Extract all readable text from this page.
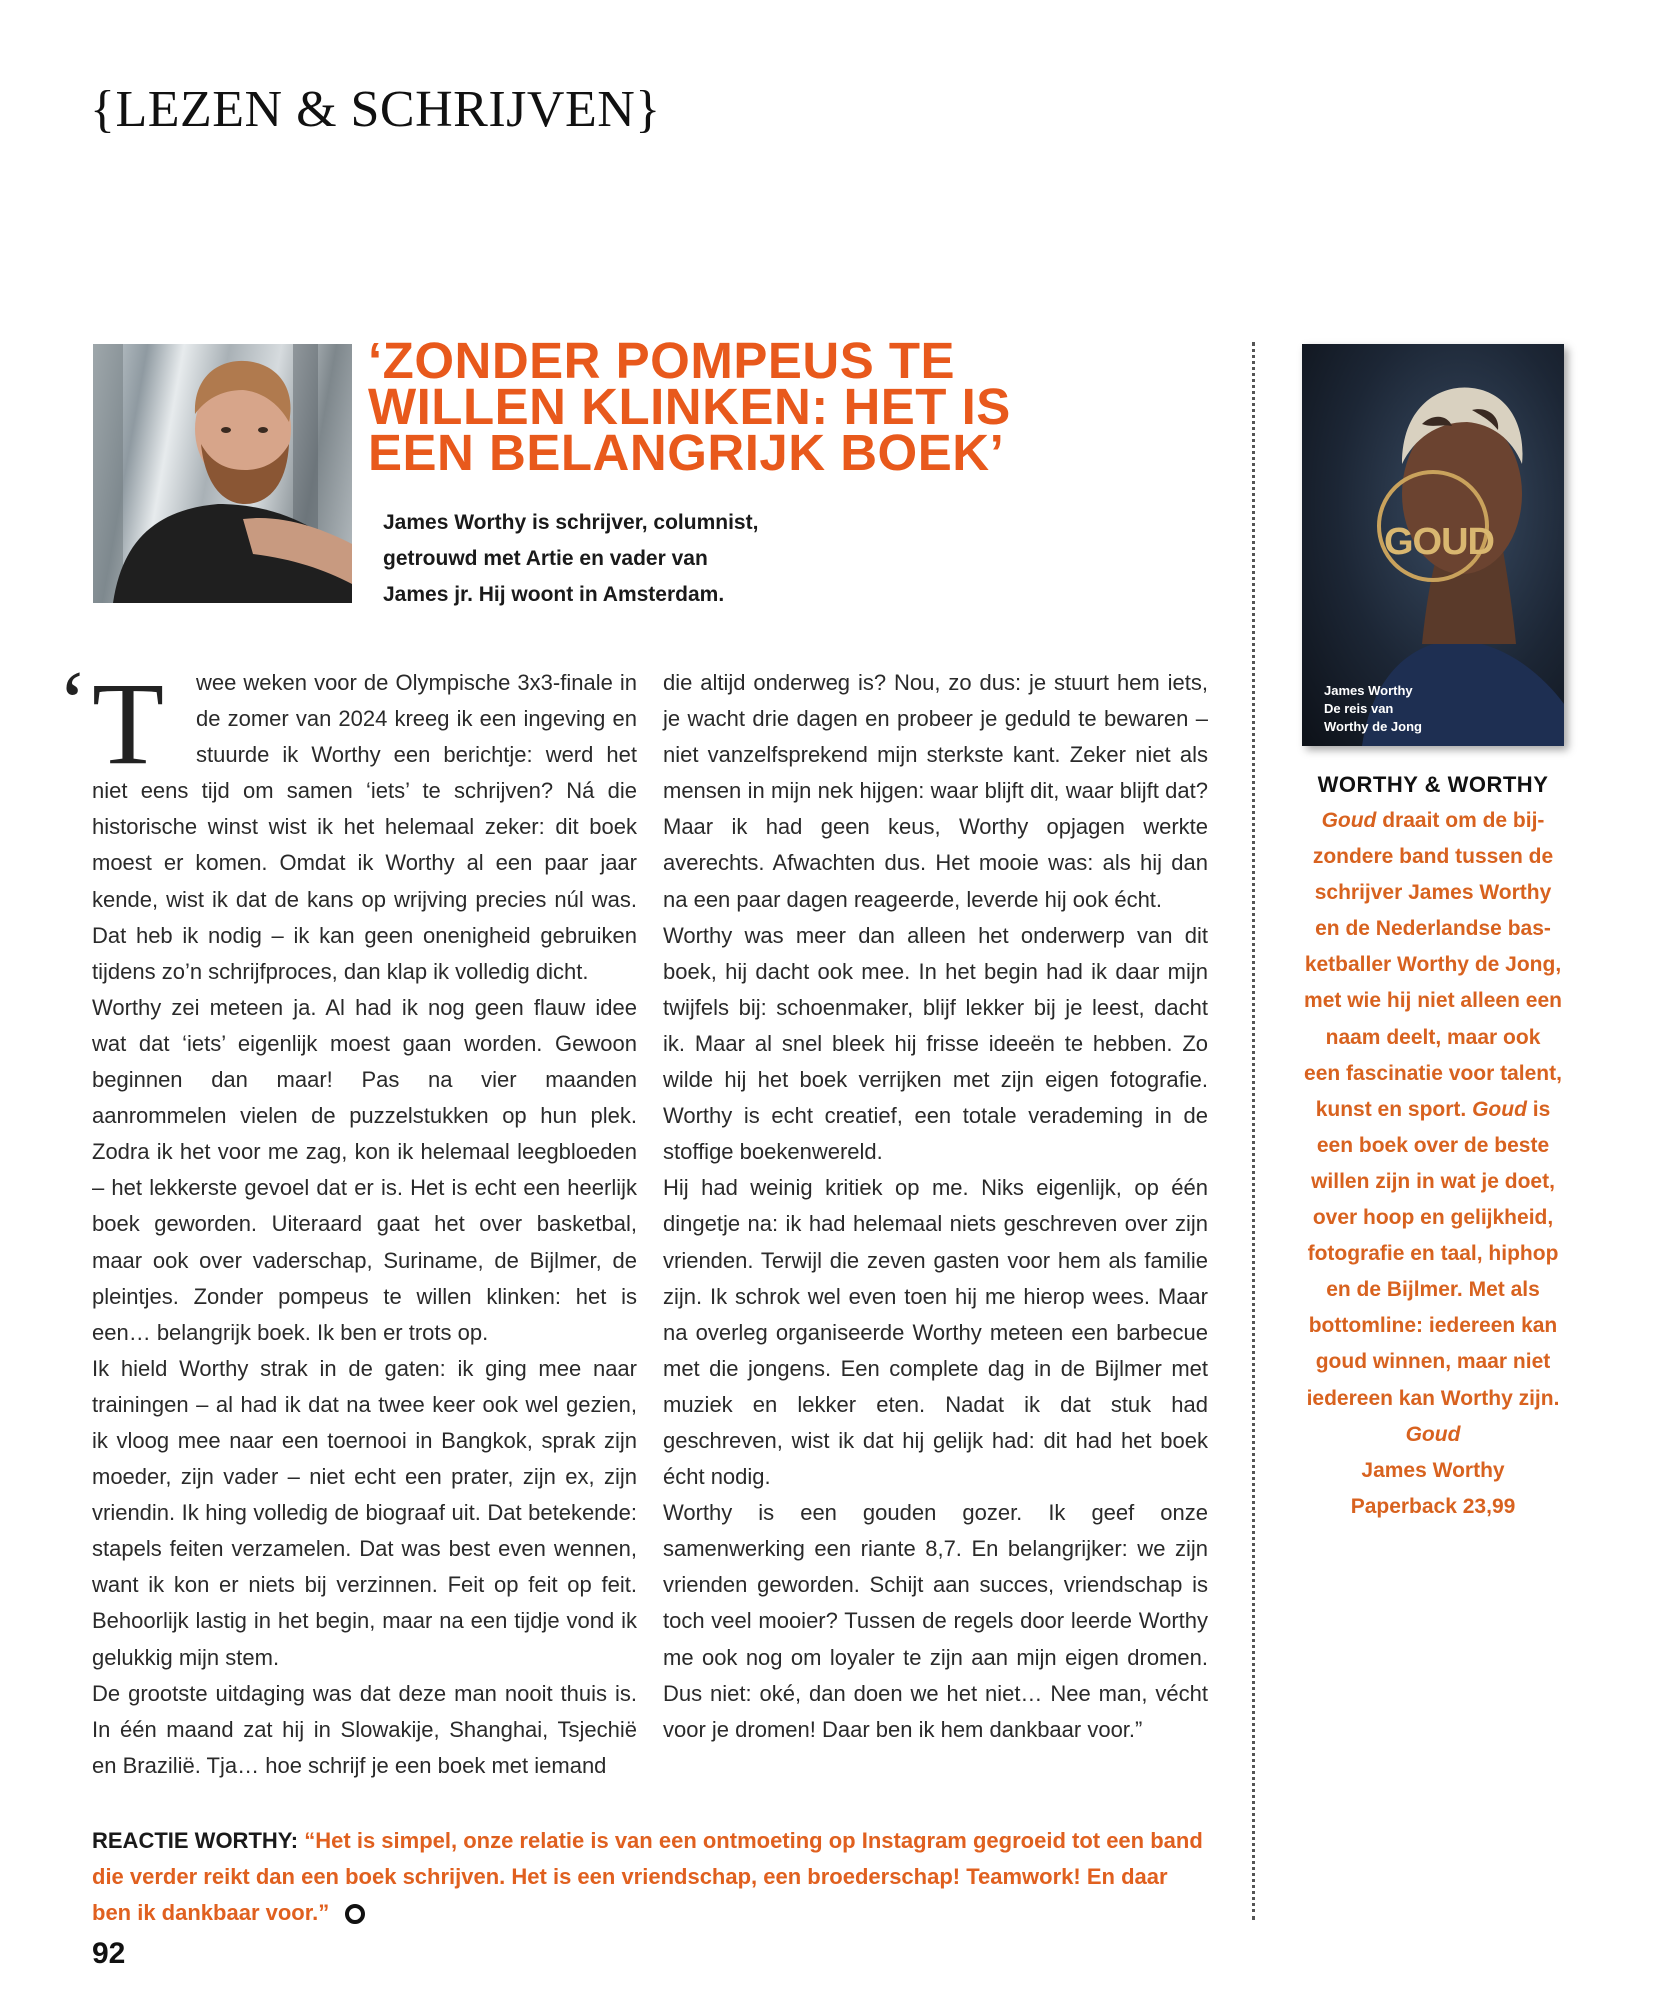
{LEZEN & SCHRIJVEN}
‘ZONDER POMPEUS TE
WILLEN KLINKEN: HET IS
EEN BELANGRIJK BOEK’
James Worthy is schrijver, columnist,
getrouwd met Artie en vader van
James jr. Hij woont in Amsterdam.
‘ T	wee weken voor de Olympische 3x3-finale in de zomer van 2024 kreeg ik een ingeving en stuurde ik Worthy een berichtje: werd het niet eens tijd om samen ‘iets’ te schrijven? Ná die historische winst wist ik het helemaal zeker: dit boek moest er komen. Omdat ik Worthy al een paar jaar kende, wist ik dat de kans op wrijving precies núl was. Dat heb ik nodig – ik kan geen onenigheid gebruiken tijdens zo’n schrijfproces, dan klap ik volledig dicht.

Worthy zei meteen ja. Al had ik nog geen flauw idee wat dat ‘iets’ eigenlijk moest gaan worden. Gewoon beginnen dan maar! Pas na vier maanden aanrommelen vielen de puzzelstukken op hun plek. Zodra ik het voor me zag, kon ik helemaal leegbloeden – het lekkerste gevoel dat er is. Het is echt een heerlijk boek geworden. Uiteraard gaat het over basketbal, maar ook over vaderschap, Suriname, de Bijlmer, de pleintjes. Zonder pompeus te willen klinken: het is een… belangrijk boek. Ik ben er trots op.

Ik hield Worthy strak in de gaten: ik ging mee naar trainingen – al had ik dat na twee keer ook wel gezien, ik vloog mee naar een toernooi in Bangkok, sprak zijn moeder, zijn vader – niet echt een prater, zijn ex, zijn vriendin. Ik hing volledig de biograaf uit. Dat betekende: stapels feiten verzamelen. Dat was best even wennen, want ik kon er niets bij verzinnen. Feit op feit op feit. Behoorlijk lastig in het begin, maar na een tijdje vond ik gelukkig mijn stem.

De grootste uitdaging was dat deze man nooit thuis is. In één maand zat hij in Slowakije, Shanghai, Tsjechië en Brazilië. Tja… hoe schrijf je een boek met iemand

die altijd onderweg is? Nou, zo dus: je stuurt hem iets, je wacht drie dagen en probeer je geduld te bewaren – niet vanzelfsprekend mijn sterkste kant. Zeker niet als mensen in mijn nek hijgen: waar blijft dit, waar blijft dat? Maar ik had geen keus, Worthy opjagen werkte averechts. Afwachten dus. Het mooie was: als hij dan na een paar dagen reageerde, leverde hij ook écht.

Worthy was meer dan alleen het onderwerp van dit boek, hij dacht ook mee. In het begin had ik daar mijn twijfels bij: schoenmaker, blijf lekker bij je leest, dacht ik. Maar al snel bleek hij frisse ideeën te hebben. Zo wilde hij het boek verrijken met zijn eigen fotografie. Worthy is echt creatief, een totale verademing in de stoffige boekenwereld.

Hij had weinig kritiek op me. Niks eigenlijk, op één dingetje na: ik had helemaal niets geschreven over zijn vrienden. Terwijl die zeven gasten voor hem als familie zijn. Ik schrok wel even toen hij me hierop wees. Maar na overleg organiseerde Worthy meteen een barbecue met die jongens. Een complete dag in de Bijlmer met muziek en lekker eten. Nadat ik dat stuk had geschreven, wist ik dat hij gelijk had: dit had het boek écht nodig.

Worthy is een gouden gozer. Ik geef onze samenwerking een riante 8,7. En belangrijker: we zijn vrienden geworden. Schijt aan succes, vriendschap is toch veel mooier? Tussen de regels door leerde Worthy me ook nog om loyaler te zijn aan mijn eigen dromen. Dus niet: oké, dan doen we het niet… Nee man, vécht voor je dromen! Daar ben ik hem dankbaar voor.”

REACTIE WORTHY: “Het is simpel, onze relatie is van een ontmoeting op Instagram gegroeid tot een band die verder reikt dan een boek schrijven. Het is een vriendschap, een broederschap! Teamwork! En daar ben ik dankbaar voor.”
92
GOUD
James Worthy
De reis van
Worthy de Jong
WORTHY & WORTHY
Goud draait om de bij-
zondere band tussen de
schrijver James Worthy
en de Nederlandse bas-
ketballer Worthy de Jong,
met wie hij niet alleen een
naam deelt, maar ook
een fascinatie voor talent,
kunst en sport. Goud is
een boek over de beste
willen zijn in wat je doet,
over hoop en gelijkheid,
fotografie en taal, hiphop
en de Bijlmer. Met als
bottomline: iedereen kan
goud winnen, maar niet
iedereen kan Worthy zijn.
Goud
James Worthy
Paperback 23,99
